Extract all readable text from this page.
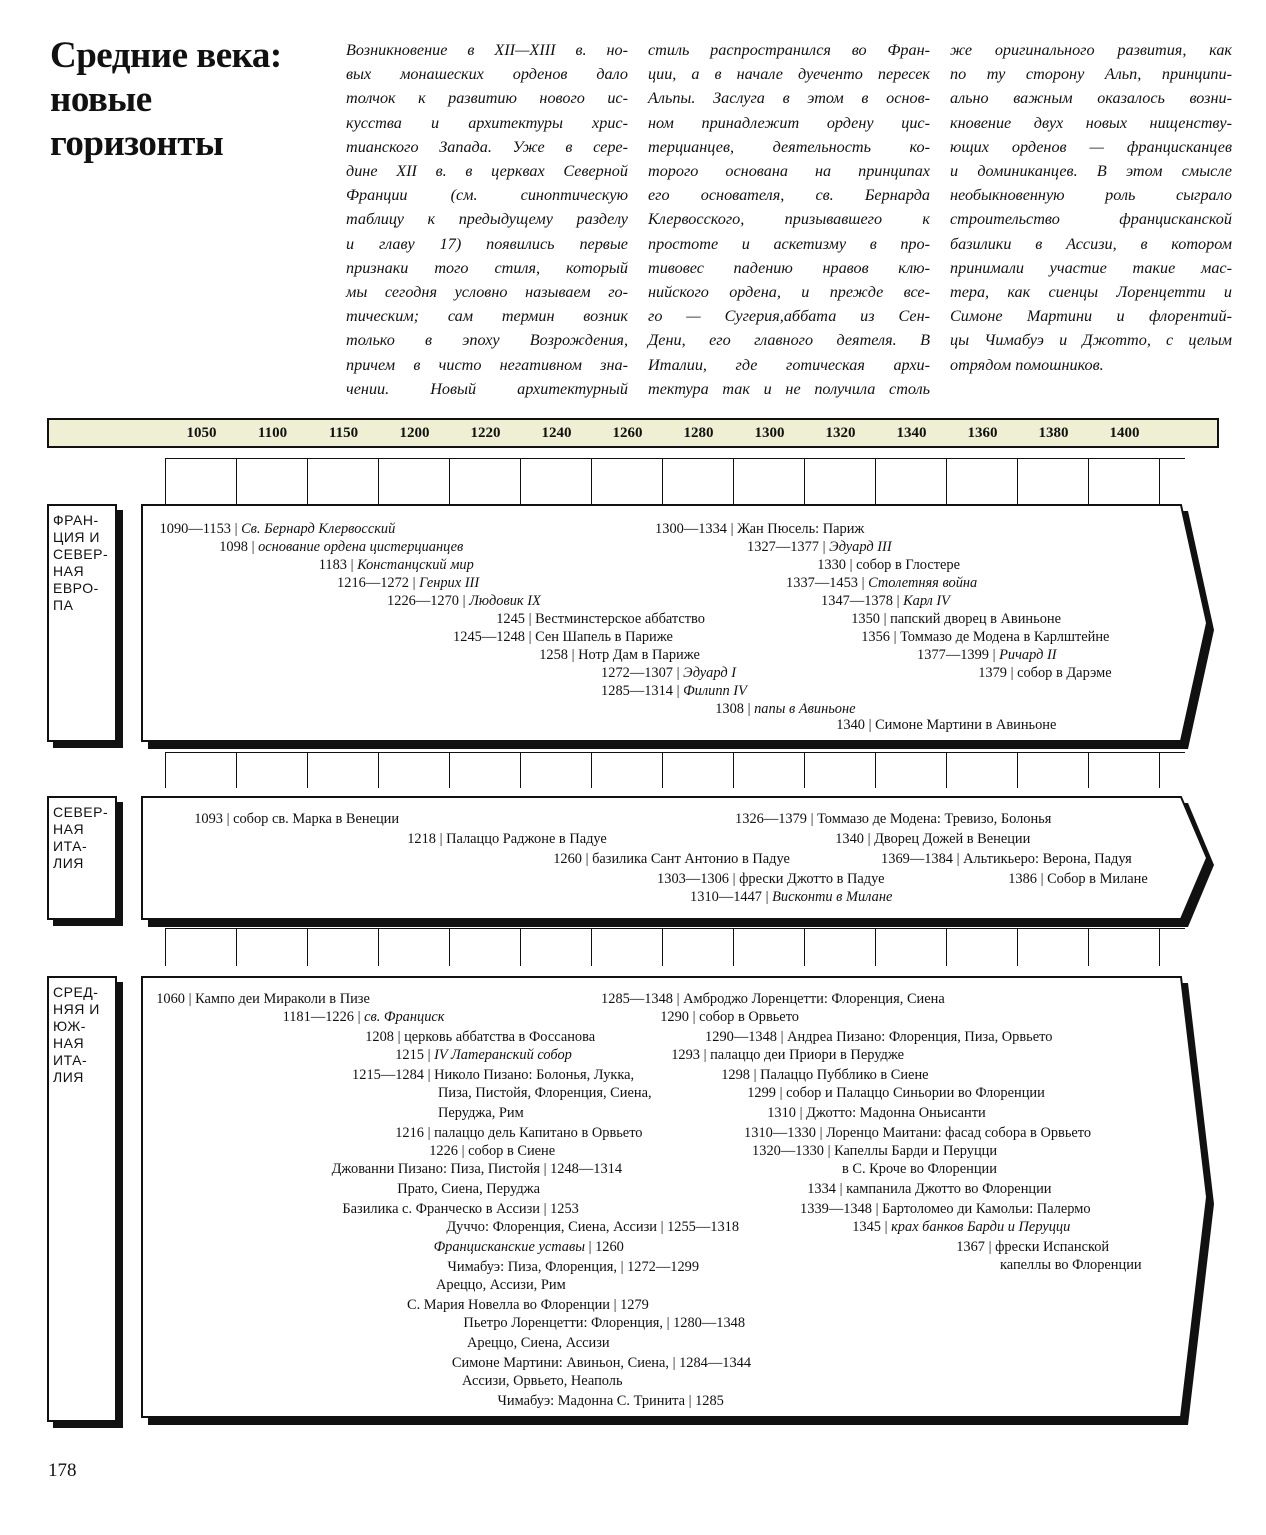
Средние века:
новые
горизонты
Возникновение в XII—XIII в. но-
вых монашеских орденов дало
толчок к развитию нового ис-
кусства и архитектуры хрис-
тианского Запада. Уже в сере-
дине XII в. в церквах Северной
Франции (см. синоптическую
таблицу к предыдущему разделу
и главу 17) появились первые
признаки того стиля, который
мы сегодня условно называем го-
тическим; сам термин возник
только в эпоху Возрождения,
причем в чисто негативном зна-
чении. Новый архитектурный
стиль распространился во Фран-
ции, а в начале дуеченто пересек
Альпы. Заслуга в этом в основ-
ном принадлежит ордену цис-
терцианцев, деятельность ко-
торого основана на принципах
его основателя, св. Бернарда
Клервосского, призывавшего к
простоте и аскетизму в про-
тивовес падению нравов клю-
нийского ордена, и прежде все-
го — Сугерия,аббата из Сен-
Дени, его главного деятеля. В
Италии, где готическая архи-
тектура так и не получила столь
же оригинального развития, как
по ту сторону Альп, принципи-
ально важным оказалось возни-
кновение двух новых нищенству-
ющих орденов — францисканцев
и доминиканцев. В этом смысле
необыкновенную роль сыграло
строительство францисканской
базилики в Ассизи, в котором
принимали участие такие мас-
тера, как сиенцы Лоренцетти и
Симоне Мартини и флорентий-
цы Чимабуэ и Джотто, с целым
отрядом помошников.
1050	1100	1150	1200	1220	1240	1260	1280	1300	1320	1340	1360	1380	1400
ФРАН-
ЦИЯ И
СЕВЕР-
НАЯ
ЕВРО-
ПА
1090—1153 | Св. Бернард Клервосский
1098 | основание ордена цистерцианцев
1183 | Констанцский мир
1216—1272 | Генрих III
1226—1270 | Людовик IX
1245 | Вестминстерское аббатство
1245—1248 | Сен Шапель в Париже
1258 | Нотр Дам в Париже
1272—1307 | Эдуард I
1285—1314 | Филипп IV
1308 | папы в Авиньоне
1300—1334 | Жан Пюсель: Париж
1327—1377 | Эдуард III
1330 | собор в Глостере
1337—1453 | Столетняя война
1347—1378 | Карл IV
1350 | папский дворец в Авиньоне
1356 | Томмазо де Модена в Карлштейне
1377—1399 | Ричард II
1379 | собор в Дарэме
1340 | Симоне Мартини в Авиньоне
СЕВЕР-
НАЯ
ИТА-
ЛИЯ
1093 | собор св. Марка в Венеции
1218 | Палаццо Раджоне в Падуе
1260 | базилика Сант Антонио в Падуе
1303—1306 | фрески Джотто в Падуе
1310—1447 | Висконти в Милане
1326—1379 | Томмазо де Модена: Тревизо, Болонья
1340 | Дворец Дожей в Венеции
1369—1384 | Альтикьеро: Верона, Падуя
1386 | Собор в Милане
СРЕД-
НЯЯ И
ЮЖ-
НАЯ
ИТА-
ЛИЯ
1060 | Кампо деи Мираколи в Пизе
1181—1226 | св. Франциск
1208 | церковь аббатства в Фоссанова
1215 | IV Латеранский собор
1215—1284 | Николо Пизано: Болонья, Лукка,
Пиза, Пистойя, Флоренция, Сиена,
Перуджа, Рим
1216 | палаццо дель Капитано в Орвьето
1226 | собор в Сиене
Джованни Пизано: Пиза, Пистойя | 1248—1314
Прато, Сиена, Перуджа
Базилика с. Франческо в Ассизи | 1253
Дуччо: Флоренция, Сиена, Ассизи | 1255—1318
Францисканские уставы | 1260
Чимабуэ: Пиза, Флоренция, | 1272—1299
Ареццо, Ассизи, Рим
С. Мария Новелла во Флоренции | 1279
Пьетро Лоренцетти: Флоренция, | 1280—1348
Ареццо, Сиена, Ассизи
Симоне Мартини: Авиньон, Сиена, | 1284—1344
Ассизи, Орвьето, Неаполь
Чимабуэ: Мадонна С. Тринита | 1285
1285—1348 | Амброджо Лоренцетти: Флоренция, Сиена
1290 | собор в Орвьето
1290—1348 | Андреа Пизано: Флоренция, Пиза, Орвьето
1293 | палаццо деи Приори в Перудже
1298 | Палаццо Пубблико в Сиене
1299 | собор и Палаццо Синьории во Флоренции
1310 | Джотто: Мадонна Оньисанти
1310—1330 | Лоренцо Маитани: фасад собора в Орвьето
1320—1330 | Капеллы Барди и Перуцци
в С. Кроче во Флоренции
1334 | кампанила Джотто во Флоренции
1339—1348 | Бартоломео ди Камольи: Палермо
1345 | крах банков Барди и Перуцци
1367 | фрески Испанской
капеллы во Флоренции
178
